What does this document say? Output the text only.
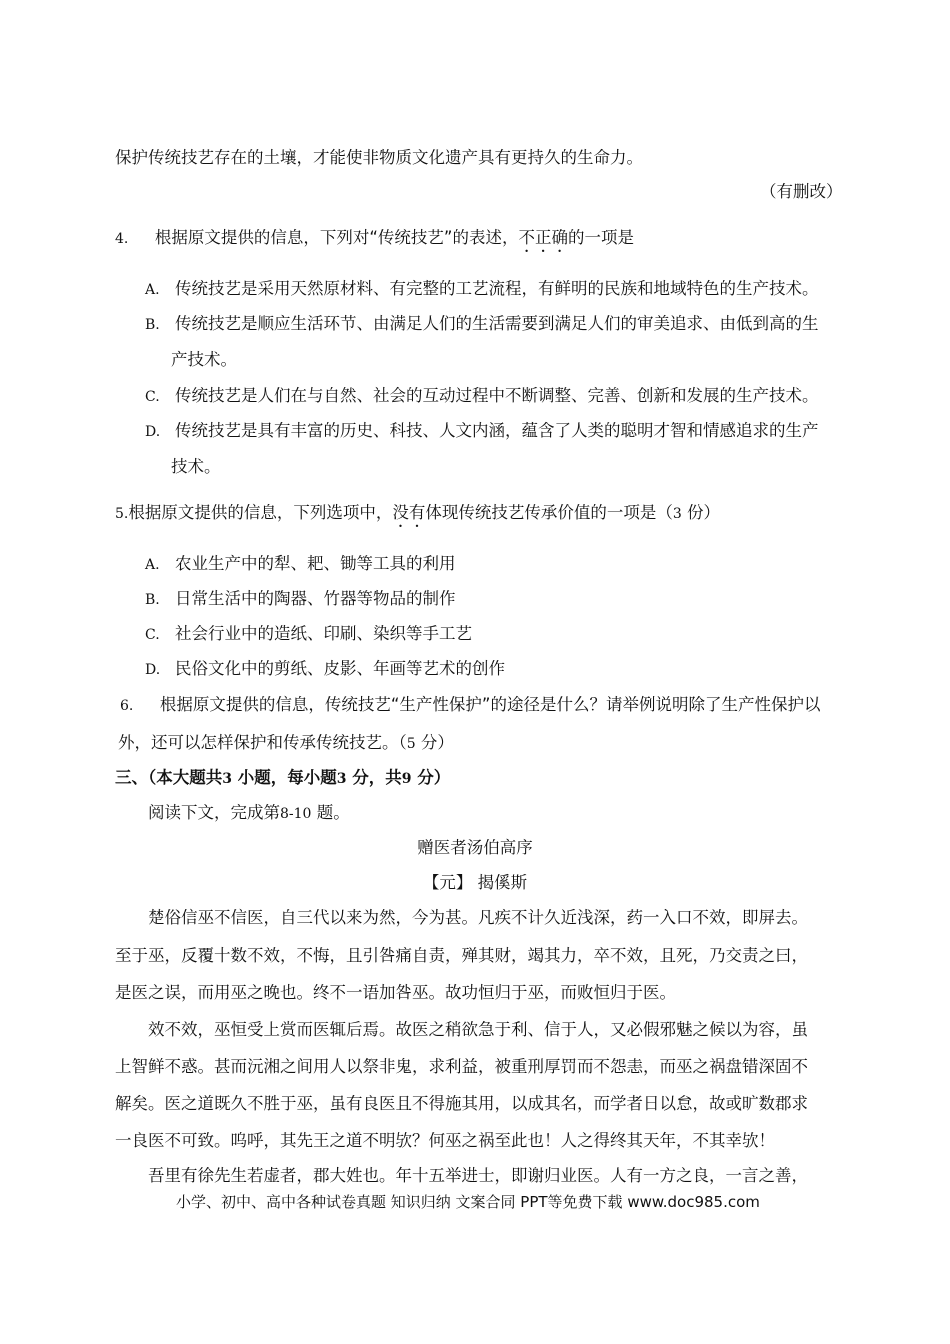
保护传统技艺存在的土壤，才能使非物质文化遗产具有更持久的生命力。
（有删改）
4. 根据原文提供的信息，下列对“传统技艺”的表述，不正确的一项是
A. 传统技艺是采用天然原材料、有完整的工艺流程，有鲜明的民族和地域特色的生产技术。
B. 传统技艺是顺应生活环节、由满足人们的生活需要到满足人们的审美追求、由低到高的生
产技术。
C. 传统技艺是人们在与自然、社会的互动过程中不断调整、完善、创新和发展的生产技术。
D. 传统技艺是具有丰富的历史、科技、人文内涵，蕴含了人类的聪明才智和情感追求的生产
技术。
5.根据原文提供的信息，下列选项中，没有体现传统技艺传承价值的一项是（3 份）
A. 农业生产中的犁、耙、锄等工具的利用
B. 日常生活中的陶器、竹器等物品的制作
C. 社会行业中的造纸、印刷、染织等手工艺
D. 民俗文化中的剪纸、皮影、年画等艺术的创作
6. 根据原文提供的信息，传统技艺“生产性保护”的途径是什么？请举例说明除了生产性保护以
外，还可以怎样保护和传承传统技艺。（5 分）
三、（本大题共3 小题，每小题3 分，共9 分）
阅读下文，完成第8-10 题。
赠医者汤伯高序
【元】 揭傒斯
　　楚俗信巫不信医，自三代以来为然，今为甚。凡疾不计久近浅深，药一入口不效，即屏去。
至于巫，反覆十数不效，不悔，且引咎痛自责，殚其财，竭其力，卒不效，且死，乃交责之曰，
是医之误，而用巫之晚也。终不一语加咎巫。故功恒归于巫，而败恒归于医。
　　效不效，巫恒受上赏而医辄后焉。故医之稍欲急于利、信于人，又必假邪魅之候以为容，虽
上智鲜不惑。甚而沅湘之间用人以祭非鬼，求利益，被重刑厚罚而不怨恚，而巫之祸盘错深固不
解矣。医之道既久不胜于巫，虽有良医且不得施其用，以成其名，而学者日以怠，故或旷数郡求
一良医不可致。呜呼，其先王之道不明欤？何巫之祸至此也！人之得终其天年，不其幸欤！
　　吾里有徐先生若虚者，郡大姓也。年十五举进士，即谢归业医。人有一方之良，一言之善，
小学、初中、高中各种试卷真题 知识归纳 文案合同 PPT等免费下载 www.doc985.com
